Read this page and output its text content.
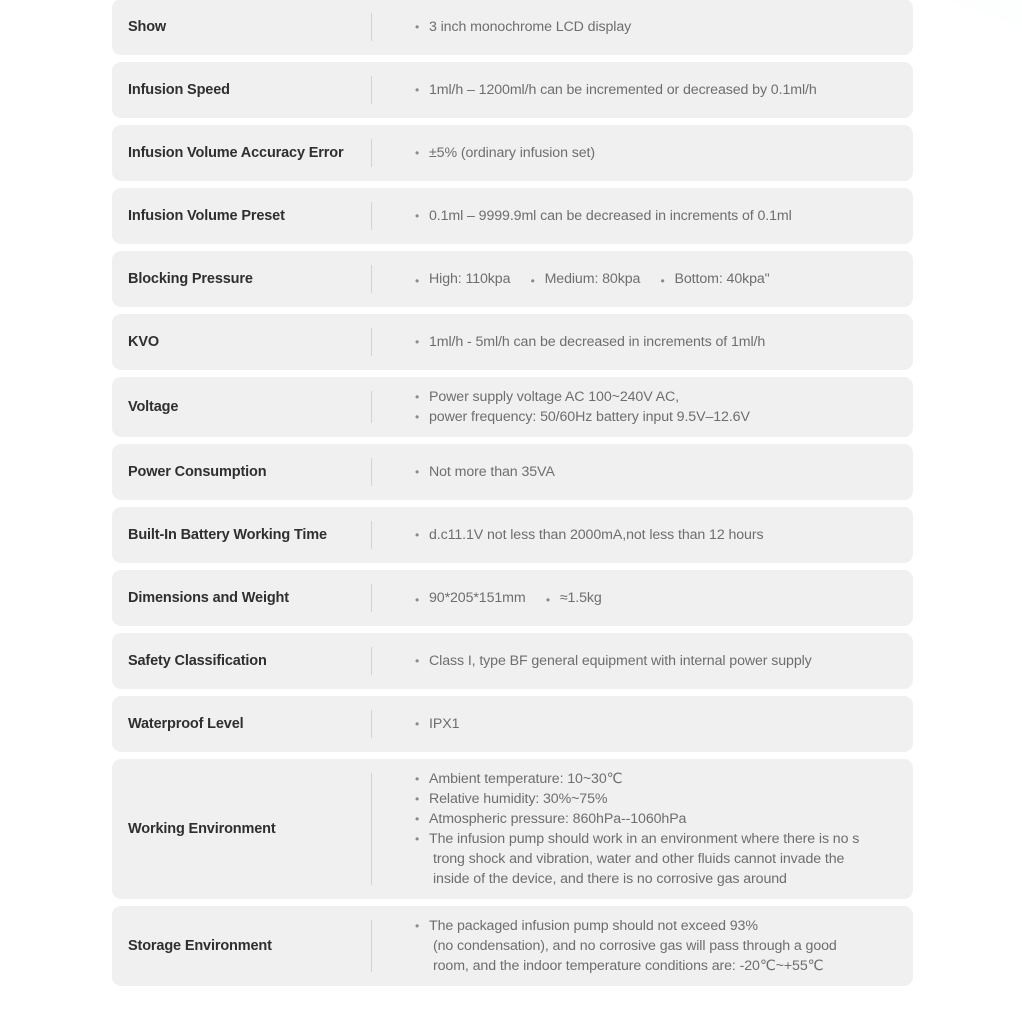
Show	• 3 inch monochrome LCD display
Infusion Speed	• 1ml/h – 1200ml/h can be incremented or decreased by 0.1ml/h
Infusion Volume Accuracy Error	• ±5% (ordinary infusion set)
Infusion Volume Preset	• 0.1ml – 9999.9ml can be decreased in increments of 0.1ml
Blocking Pressure	• High: 110kpa • Medium: 80kpa • Bottom: 40kpa"
KVO	• 1ml/h - 5ml/h can be decreased in increments of 1ml/h
Voltage
• Power supply voltage AC 100~240V AC,
• power frequency: 50/60Hz battery input 9.5V–12.6V
Power Consumption	• Not more than 35VA
Built-In Battery Working Time	• d.c11.1V not less than 2000mA,not less than 12 hours
Dimensions and Weight	• 90*205*151mm • ≈1.5kg
Safety Classification	• Class I, type BF general equipment with internal power supply
Waterproof Level	• IPX1
Working Environment
• Ambient temperature: 10~30℃
• Relative humidity: 30%~75%
• Atmospheric pressure: 860hPa--1060hPa
• The infusion pump should work in an environment where there is no s
trong shock and vibration, water and other fluids cannot invade the
inside of the device, and there is no corrosive gas around
Storage Environment
• The packaged infusion pump should not exceed 93%
(no condensation), and no corrosive gas will pass through a good
room, and the indoor temperature conditions are: -20℃~+55℃
